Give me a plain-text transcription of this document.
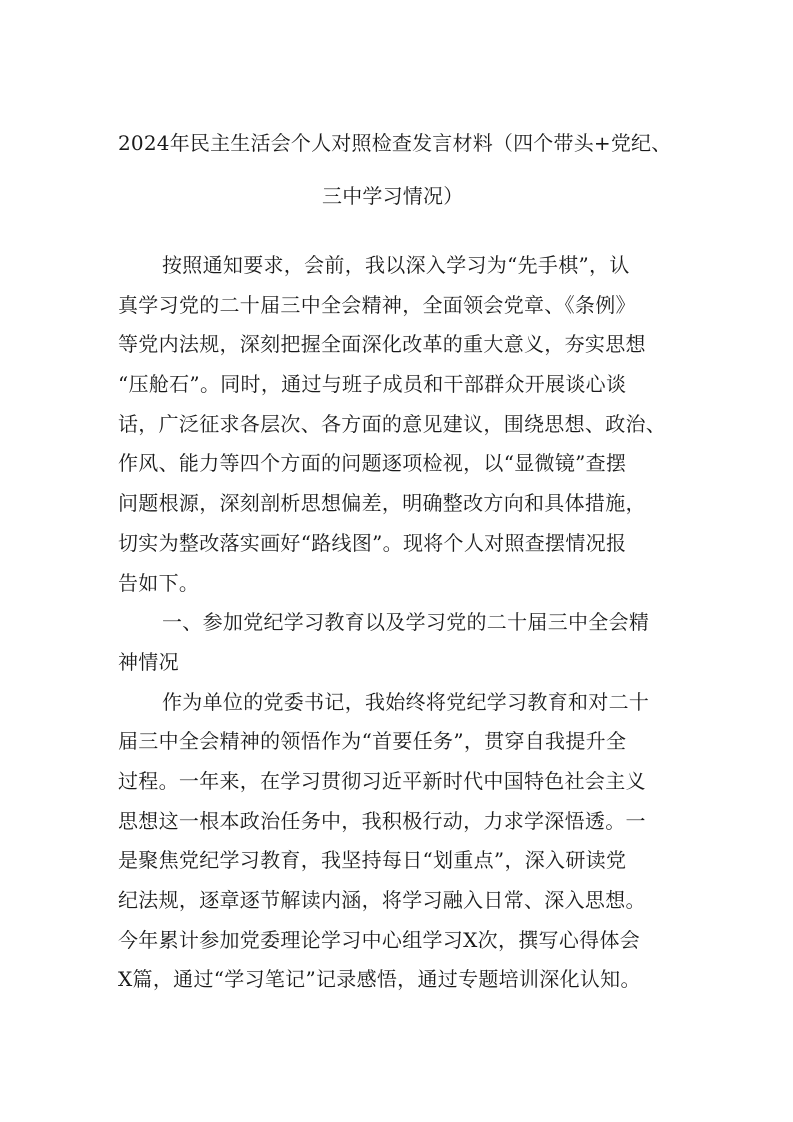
2024年民主生活会个人对照检查发言材料（四个带头+党纪、
三中学习情况）
按照通知要求，会前，我以深入学习为“先手棋”，认
真学习党的二十届三中全会精神，全面领会党章、《条例》
等党内法规，深刻把握全面深化改革的重大意义，夯实思想
“压舱石”。同时，通过与班子成员和干部群众开展谈心谈
话，广泛征求各层次、各方面的意见建议，围绕思想、政治、
作风、能力等四个方面的问题逐项检视，以“显微镜”查摆
问题根源，深刻剖析思想偏差，明确整改方向和具体措施，
切实为整改落实画好“路线图”。现将个人对照查摆情况报
告如下。
一、参加党纪学习教育以及学习党的二十届三中全会精
神情况
作为单位的党委书记，我始终将党纪学习教育和对二十
届三中全会精神的领悟作为“首要任务”，贯穿自我提升全
过程。一年来，在学习贯彻习近平新时代中国特色社会主义
思想这一根本政治任务中，我积极行动，力求学深悟透。一
是聚焦党纪学习教育，我坚持每日“划重点”，深入研读党
纪法规，逐章逐节解读内涵，将学习融入日常、深入思想。
今年累计参加党委理论学习中心组学习X次，撰写心得体会
X篇，通过“学习笔记”记录感悟，通过专题培训深化认知。
